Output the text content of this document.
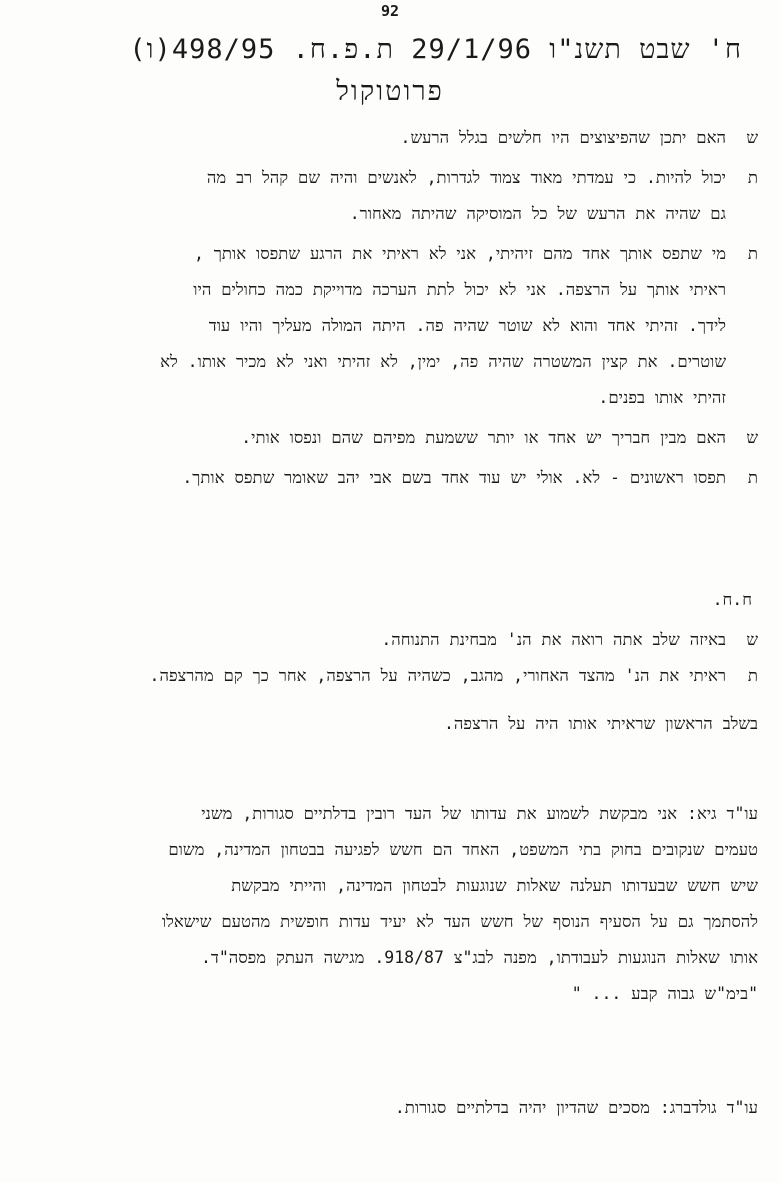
92
ח' שבט תשנ"ו 29/1/96 ת.פ.ח. 498/95(ו)
פרוטוקול
ש
האם יתכן שהפיצוצים היו חלשים בגלל הרעש.
ת
יכול להיות. כי עמדתי מאוד צמוד לגדרות, לאנשים והיה שם קהל רב מה
גם שהיה את הרעש של כל המוסיקה שהיתה מאחור.
ת
מי שתפס אותך אחד מהם זיהיתי, אני לא ראיתי את הרגע שתפסו אותך ,
ראיתי אותך על הרצפה. אני לא יכול לתת הערכה מדוייקת כמה כחולים היו
לידך. זהיתי אחד והוא לא שוטר שהיה פה. היתה המולה מעליך והיו עוד
שוטרים. את קצין המשטרה שהיה פה, ימין, לא זהיתי ואני לא מכיר אותו. לא
זהיתי אותו בפנים.
ש
האם מבין חבריך יש אחד או יותר ששמעת מפיהם שהם ונפסו אותי.
ת
תפסו ראשונים - לא. אולי יש עוד אחד בשם אבי יהב שאומר שתפס אותך.
ח.ח.
ש
באיזה שלב אתה רואה את הנ' מבחינת התנוחה.
ת
ראיתי את הנ' מהצד האחורי, מהגב, כשהיה על הרצפה, אחר כך קם מהרצפה.
בשלב הראשון שראיתי אותו היה על הרצפה.
עו"ד גיא: אני מבקשת לשמוע את עדותו של העד רובין בדלתיים סגורות, משני
טעמים שנקובים בחוק בתי המשפט, האחד הם חשש לפגיעה בבטחון המדינה, משום
שיש חשש שבעדותו תעלנה שאלות שנוגעות לבטחון המדינה, והייתי מבקשת
להסתמך גם על הסעיף הנוסף של חשש העד לא יעיד עדות חופשית מהטעם שישאלו
אותו שאלות הנוגעות לעבודתו, מפנה לבג"צ 918/87. מגישה העתק מפסה"ד.
"בימ"ש גבוה קבע ... "
עו"ד גולדברג: מסכים שהדיון יהיה בדלתיים סגורות.
